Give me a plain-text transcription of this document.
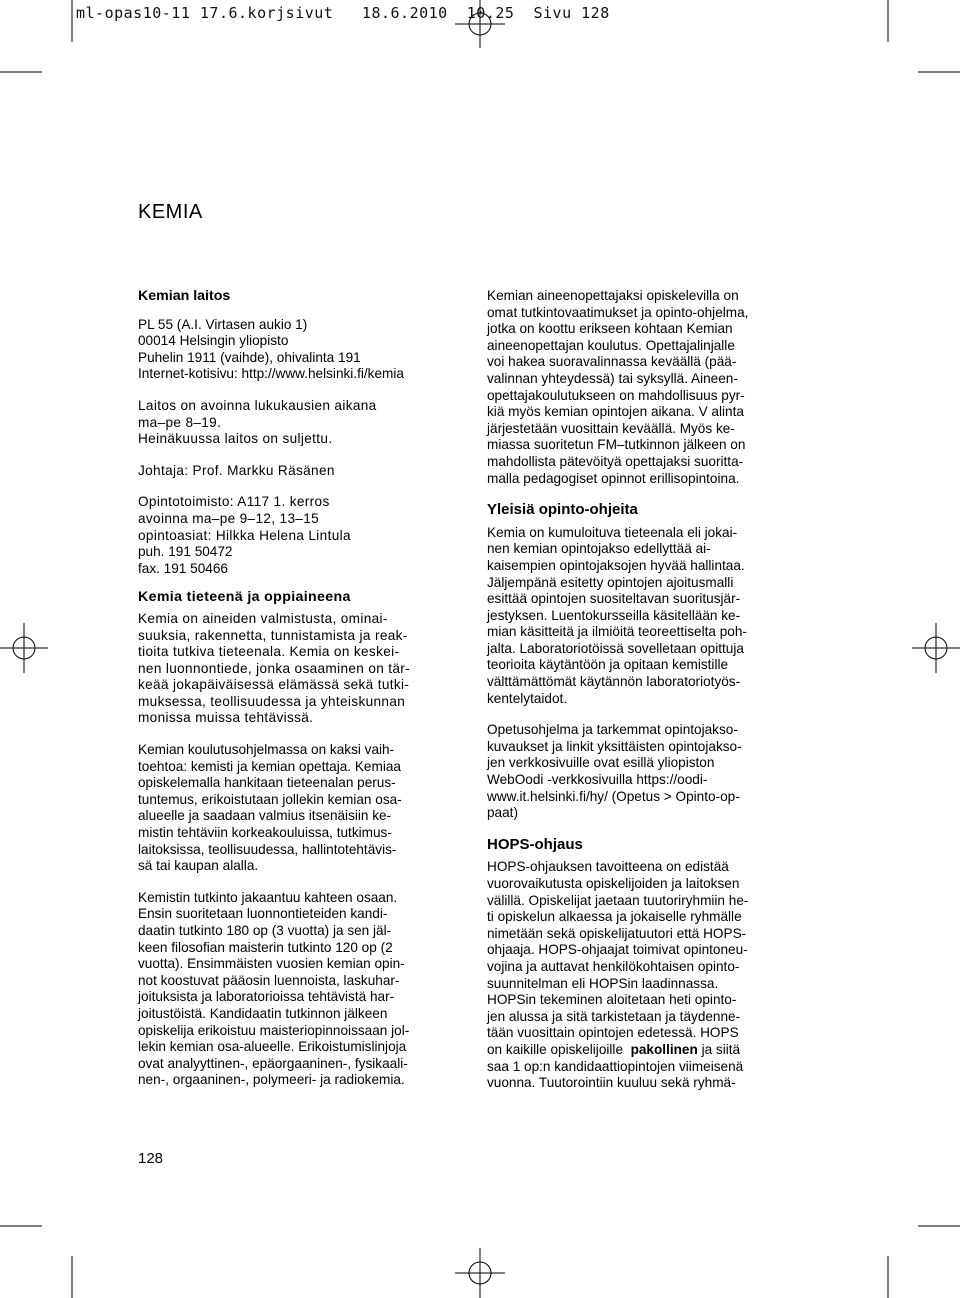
ml-opas10-11 17.6.korjsivut   18.6.2010  10.25  Sivu 128
KEMIA

Kemian laitos

PL 55 (A.I. Virtasen aukio 1)
00014 Helsingin yliopisto
Puhelin 1911 (vaihde), ohivalinta 191
Internet-kotisivu: http://www.helsinki.fi/kemia

Laitos on avoinna lukukausien aikana
ma–pe 8–19.
Heinäkuussa laitos on suljettu.

Johtaja: Prof. Markku Räsänen

Opintotoimisto: A117 1. kerros
avoinna ma–pe 9–12, 13–15
opintoasiat: Hilkka Helena Lintula
puh. 191 50472
fax. 191 50466

Kemia tieteenä ja oppiaineena

Kemia on aineiden valmistusta, ominai-
suuksia, rakennetta, tunnistamista ja reak-
tioita tutkiva tieteenala. Kemia on keskei-
nen luonnontiede, jonka osaaminen on tär-
keää jokapäiväisessä elämässä sekä tutki-
muksessa, teollisuudessa ja yhteiskunnan
monissa muissa tehtävissä.

Kemian koulutusohjelmassa on kaksi vaih-
toehtoa: kemisti ja kemian opettaja. Kemiaa
opiskelemalla hankitaan tieteenalan perus-
tuntemus, erikoistutaan jollekin kemian osa-
alueelle ja saadaan valmius itsenäisiin ke-
mistin tehtäviin korkeakouluissa, tutkimus-
laitoksissa, teollisuudessa, hallintotehtävis-
sä tai kaupan alalla.

Kemistin tutkinto jakaantuu kahteen osaan.
Ensin suoritetaan luonnontieteiden kandi-
daatin tutkinto 180 op (3 vuotta) ja sen jäl-
keen filosofian maisterin tutkinto 120 op (2
vuotta). Ensimmäisten vuosien kemian opin-
not koostuvat pääosin luennoista, laskuhar-
joituksista ja laboratorioissa tehtävistä har-
joitustöistä. Kandidaatin tutkinnon jälkeen
opiskelija erikoistuu maisteriopinnoissaan jol-
lekin kemian osa-alueelle. Erikoistumislinjoja
ovat analyyttinen-, epäorgaaninen-, fysikaali-
nen-, orgaaninen-, polymeeri- ja radiokemia.

Kemian aineenopettajaksi opiskelevilla on
omat tutkintovaatimukset ja opinto-ohjelma,
jotka on koottu erikseen kohtaan Kemian
aineenopettajan koulutus. Opettajalinjalle
voi hakea suoravalinnassa keväällä (pää-
valinnan yhteydessä) tai syksyllä. Aineen-
opettajakoulutukseen on mahdollisuus pyr-
kiä myös kemian opintojen aikana. V alinta
järjestetään vuosittain keväällä. Myös ke-
miassa suoritetun FM–tutkinnon jälkeen on
mahdollista pätevöityä opettajaksi suoritta-
malla pedagogiset opinnot erillisopintoina.

Yleisiä opinto-ohjeita

Kemia on kumuloituva tieteenala eli jokai-
nen kemian opintojakso edellyttää ai-
kaisempien opintojaksojen hyvää hallintaa.
Jäljempänä esitetty opintojen ajoitusmalli
esittää opintojen suositeltavan suoritusjär-
jestyksen. Luentokursseilla käsitellään ke-
mian käsitteitä ja ilmiöitä teoreettiselta poh-
jalta. Laboratoriotöissä sovelletaan opittuja
teorioita käytäntöön ja opitaan kemistille
välttämättömät käytännön laboratoriotyös-
kentelytaidot.

Opetusohjelma ja tarkemmat opintojakso-
kuvaukset ja linkit yksittäisten opintojakso-
jen verkkosivuille ovat esillä yliopiston
WebOodi -verkkosivuilla https://oodi-
www.it.helsinki.fi/hy/ (Opetus > Opinto-op-
paat)

HOPS-ohjaus

HOPS-ohjauksen tavoitteena on edistää
vuorovaikutusta opiskelijoiden ja laitoksen
välillä. Opiskelijat jaetaan tuutoriryhmiin he-
ti opiskelun alkaessa ja jokaiselle ryhmälle
nimetään sekä opiskelijatuutori että HOPS-
ohjaaja. HOPS-ohjaajat toimivat opintoneu-
vojina ja auttavat henkilökohtaisen opinto-
suunnitelman eli HOPSin laadinnassa.
HOPSin tekeminen aloitetaan heti opinto-
jen alussa ja sitä tarkistetaan ja täydenne-
tään vuosittain opintojen edetessä. HOPS
on kaikille opiskelijoille  pakollinen ja siitä
saa 1 op:n kandidaattiopintojen viimeisenä
vuonna. Tuutorointiin kuuluu sekä ryhmä-

128
